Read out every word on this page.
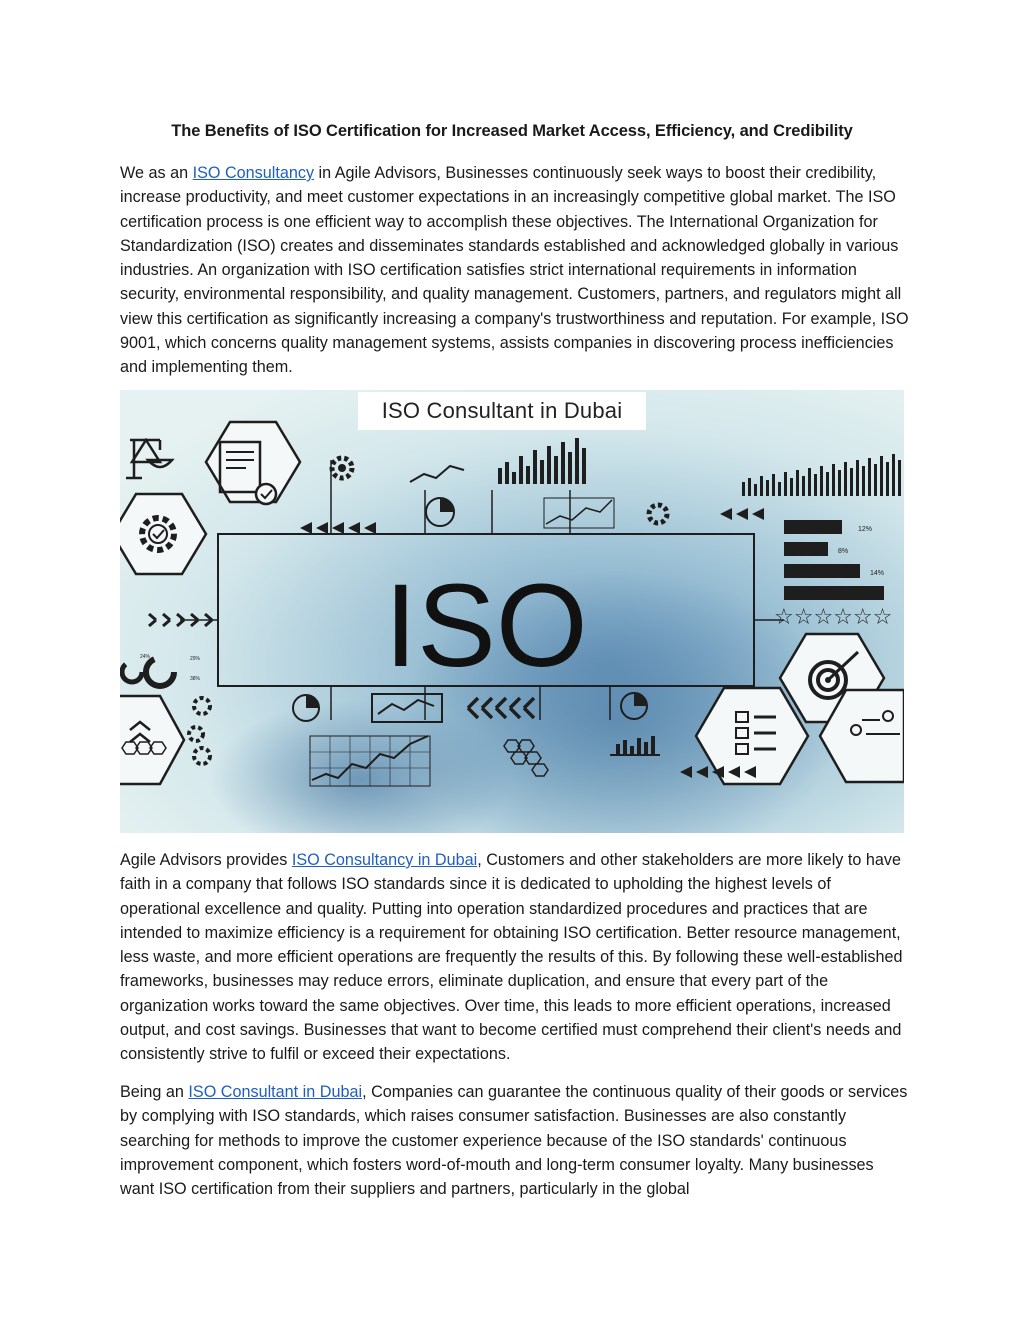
The Benefits of ISO Certification for Increased Market Access, Efficiency, and Credibility

We as an ISO Consultancy in Agile Advisors, Businesses continuously seek ways to boost their credibility, increase productivity, and meet customer expectations in an increasingly competitive global market. The ISO certification process is one efficient way to accomplish these objectives. The International Organization for Standardization (ISO) creates and disseminates standards established and acknowledged globally in various industries. An organization with ISO certification satisfies strict international requirements in information security, environmental responsibility, and quality management. Customers, partners, and regulators might all view this certification as significantly increasing a company's trustworthiness and reputation. For example, ISO 9001, which concerns quality management systems, assists companies in discovering process inefficiencies and implementing them.

ISO
12%
8%
14%
☆☆☆☆☆☆
24%	29%
38%
ISO Consultant in Dubai

Agile Advisors provides ISO Consultancy in Dubai, Customers and other stakeholders are more likely to have faith in a company that follows ISO standards since it is dedicated to upholding the highest levels of operational excellence and quality. Putting into operation standardized procedures and practices that are intended to maximize efficiency is a requirement for obtaining ISO certification. Better resource management, less waste, and more efficient operations are frequently the results of this. By following these well-established frameworks, businesses may reduce errors, eliminate duplication, and ensure that every part of the organization works toward the same objectives. Over time, this leads to more efficient operations, increased output, and cost savings. Businesses that want to become certified must comprehend their client's needs and consistently strive to fulfil or exceed their expectations.

Being an ISO Consultant in Dubai, Companies can guarantee the continuous quality of their goods or services by complying with ISO standards, which raises consumer satisfaction. Businesses are also constantly searching for methods to improve the customer experience because of the ISO standards' continuous improvement component, which fosters word-of-mouth and long-term consumer loyalty. Many businesses want ISO certification from their suppliers and partners, particularly in the global
